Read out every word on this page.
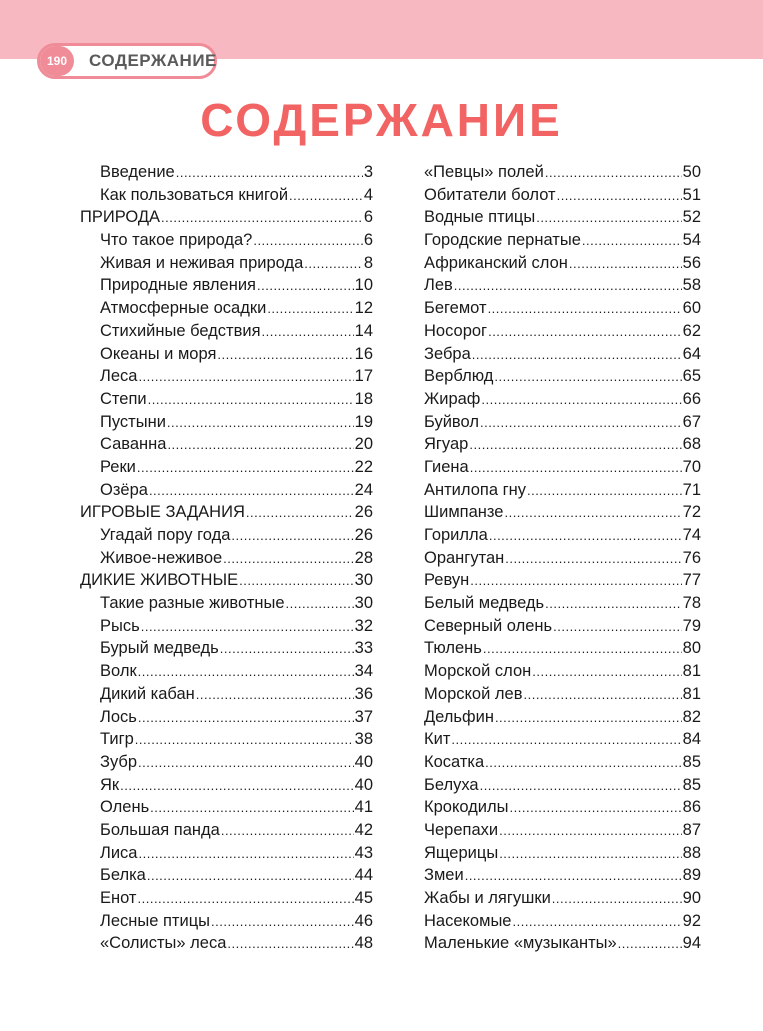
190	СОДЕРЖАНИЕ
СОДЕРЖАНИЕ
Введение .....	3
Как пользоваться книгой .....	4
ПРИРОДА .....	6
Что такое природа? .....	6
Живая и неживая природа .....	8
Природные явления .....	10
Атмосферные осадки .....	12
Стихийные бедствия .....	14
Океаны и моря .....	16
Леса .....	17
Степи .....	18
Пустыни .....	19
Саванна .....	20
Реки .....	22
Озёра .....	24
ИГРОВЫЕ ЗАДАНИЯ .....	26
Угадай пору года .....	26
Живое-неживое .....	28
ДИКИЕ ЖИВОТНЫЕ .....	30
Такие разные животные .....	30
Рысь .....	32
Бурый медведь .....	33
Волк .....	34
Дикий кабан .....	36
Лось .....	37
Тигр .....	38
Зубр .....	40
Як .....	40
Олень .....	41
Большая панда .....	42
Лиса .....	43
Белка .....	44
Енот .....	45
Лесные птицы .....	46
«Солисты» леса .....	48
«Певцы» полей .....	50
Обитатели болот .....	51
Водные птицы .....	52
Городские пернатые .....	54
Африканский слон .....	56
Лев .....	58
Бегемот .....	60
Носорог .....	62
Зебра .....	64
Верблюд .....	65
Жираф .....	66
Буйвол .....	67
Ягуар .....	68
Гиена .....	70
Антилопа гну .....	71
Шимпанзе .....	72
Горилла .....	74
Орангутан .....	76
Ревун .....	77
Белый медведь .....	78
Северный олень .....	79
Тюлень .....	80
Морской слон .....	81
Морской лев .....	81
Дельфин .....	82
Кит .....	84
Косатка .....	85
Белуха .....	85
Крокодилы .....	86
Черепахи .....	87
Ящерицы .....	88
Змеи .....	89
Жабы и лягушки .....	90
Насекомые .....	92
Маленькие «музыканты» .....	94
